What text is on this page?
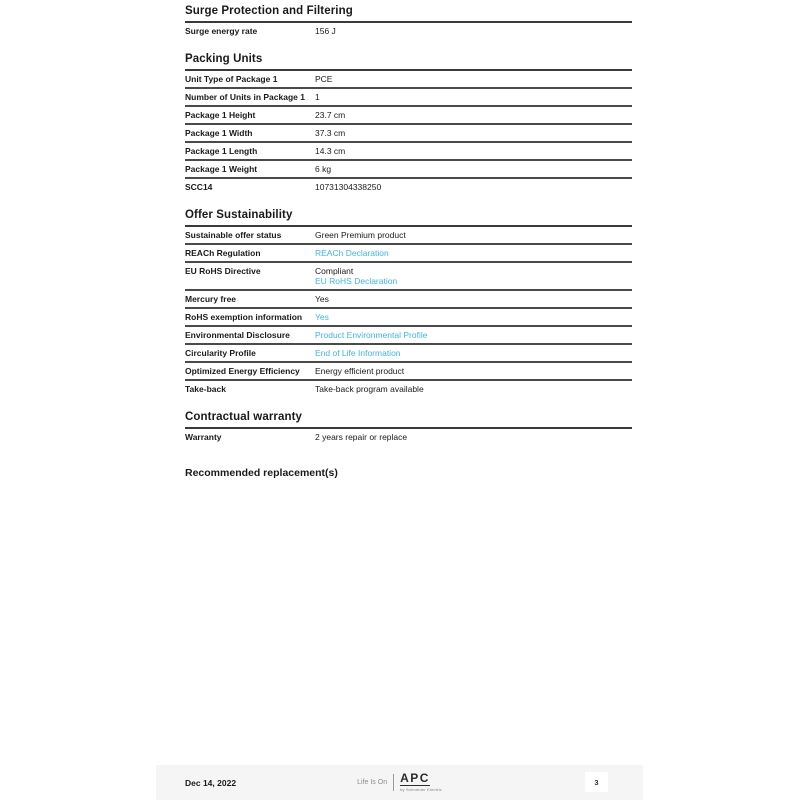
Surge Protection and Filtering
Surge energy rate	156 J
Packing Units
Unit Type of Package 1	PCE
Number of Units in Package 1	1
Package 1 Height	23.7 cm
Package 1 Width	37.3 cm
Package 1 Length	14.3 cm
Package 1 Weight	6 kg
SCC14	10731304338250
Offer Sustainability
Sustainable offer status	Green Premium product
REACh Regulation	REACh Declaration
EU RoHS Directive	Compliant
EU RoHS Declaration
Mercury free	Yes
RoHS exemption information	Yes
Environmental Disclosure	Product Environmental Profile
Circularity Profile	End of Life Information
Optimized Energy Efficiency	Energy efficient product
Take-back	Take-back program available
Contractual warranty
Warranty	2 years repair or replace
Recommended replacement(s)
Dec 14, 2022	Life Is On APC
by Schneider Electric
3
